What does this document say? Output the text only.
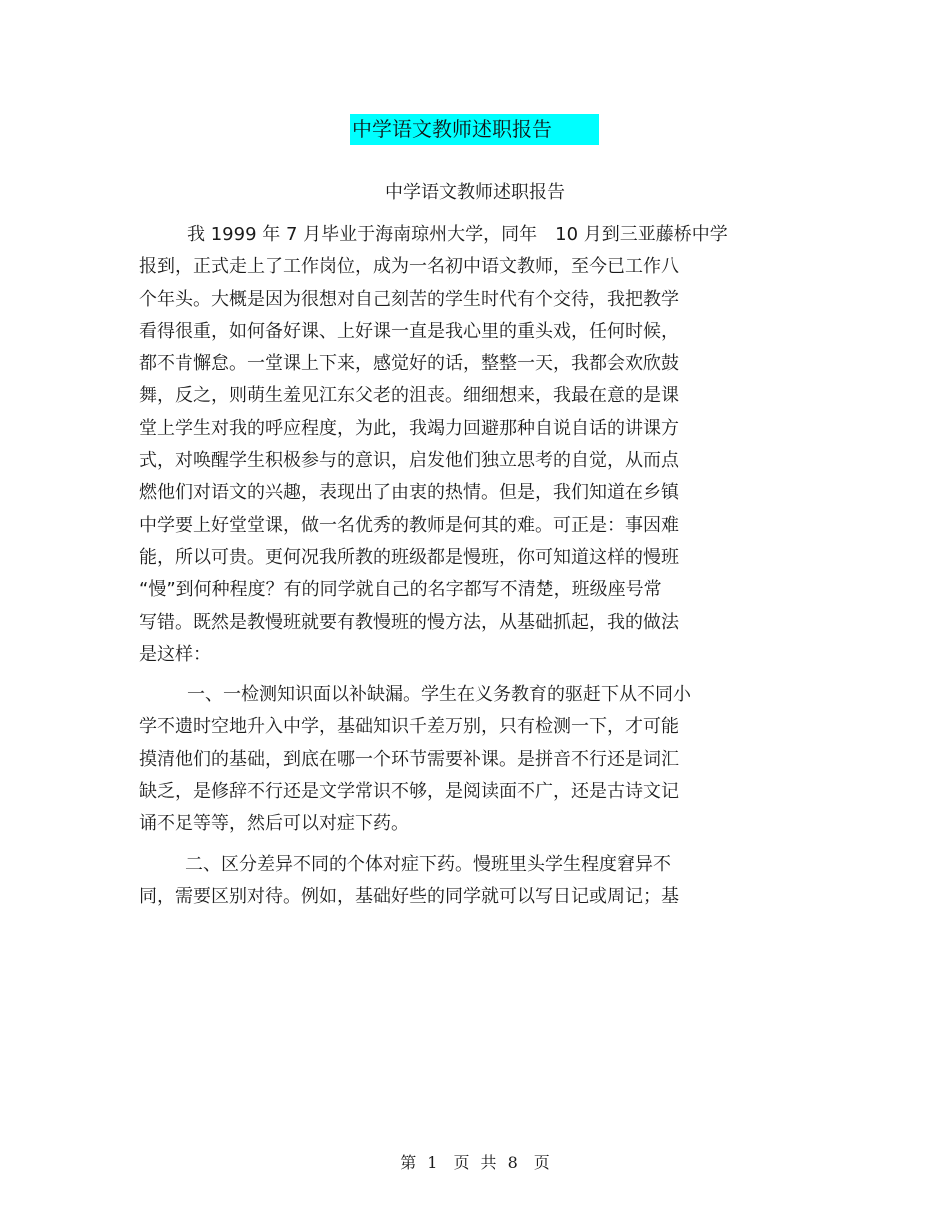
中学语文教师述职报告
中学语文教师述职报告
我 1999 年 7 月毕业于海南琼州大学，同年　10 月到三亚藤桥中学
报到，正式走上了工作岗位，成为一名初中语文教师，至今已工作八
个年头。大概是因为很想对自己刻苦的学生时代有个交待，我把教学
看得很重，如何备好课、上好课一直是我心里的重头戏，任何时候，
都不肯懈怠。一堂课上下来，感觉好的话，整整一天，我都会欢欣鼓
舞，反之，则萌生羞见江东父老的沮丧。细细想来，我最在意的是课
堂上学生对我的呼应程度，为此，我竭力回避那种自说自话的讲课方
式，对唤醒学生积极参与的意识，启发他们独立思考的自觉，从而点
燃他们对语文的兴趣，表现出了由衷的热情。但是，我们知道在乡镇
中学要上好堂堂课，做一名优秀的教师是何其的难。可正是：事因难
能，所以可贵。更何况我所教的班级都是慢班，你可知道这样的慢班
“慢”到何种程度？有的同学就自己的名字都写不清楚，班级座号常
写错。既然是教慢班就要有教慢班的慢方法，从基础抓起，我的做法
是这样：
一、一检测知识面以补缺漏。学生在义务教育的驱赶下从不同小
学不遗时空地升入中学，基础知识千差万别，只有检测一下，才可能
摸清他们的基础，到底在哪一个环节需要补课。是拼音不行还是词汇
缺乏，是修辞不行还是文学常识不够，是阅读面不广，还是古诗文记
诵不足等等，然后可以对症下药。
二、区分差异不同的个体对症下药。慢班里头学生程度窘异不
同，需要区别对待。例如，基础好些的同学就可以写日记或周记；基
第 1　页 共 8　页
